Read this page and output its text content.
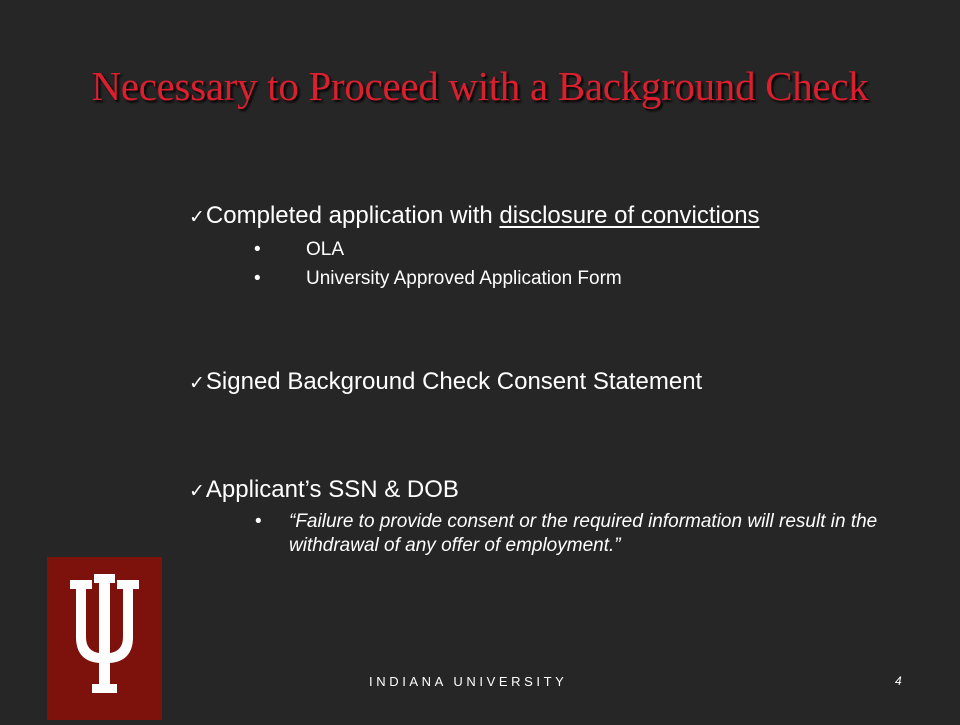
Necessary to Proceed with a Background Check
✓Completed application with disclosure of convictions
• OLA
• University Approved Application Form
✓Signed Background Check Consent Statement
✓Applicant’s SSN & DOB
• “Failure to provide consent or the required information will result in the withdrawal of any offer of employment.”
INDIANA UNIVERSITY	4
